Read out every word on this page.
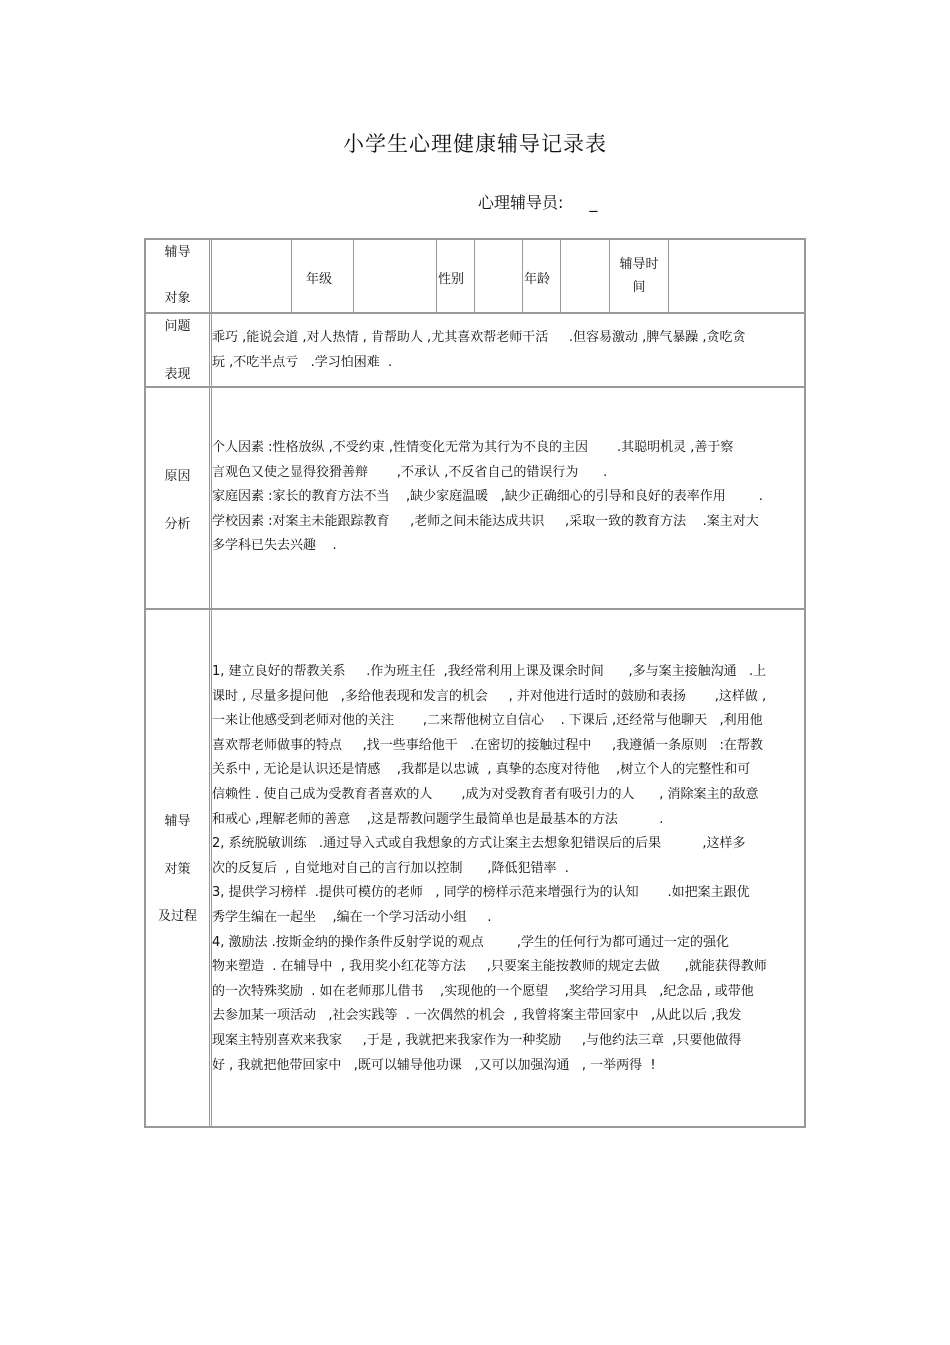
小学生心理健康辅导记录表
心理辅导员: _
辅导
对象
年级	性别	年龄
辅导时
间
问题
表现

乖巧 ,能说会道 ,对人热情 , 肯帮助人 ,尤其喜欢帮老师干活     .但容易激动 ,脾气暴躁 ,贪吃贪
玩 ,不吃半点亏   .学习怕困难  .

原因
分析

个人因素 :性格放纵 ,不受约束 ,性情变化无常为其行为不良的主因       .其聪明机灵 ,善于察
言观色又使之显得狡猾善辩       ,不承认 ,不反省自己的错误行为      .
家庭因素 :家长的教育方法不当    ,缺少家庭温暖   ,缺少正确细心的引导和良好的表率作用        .
学校因素 :对案主未能跟踪教育     ,老师之间未能达成共识     ,采取一致的教育方法    .案主对大
多学科已失去兴趣    .

辅导
对策
及过程

1, 建立良好的帮教关系     .作为班主任  ,我经常利用上课及课余时间      ,多与案主接触沟通   .上
课时 , 尽量多提问他   ,多给他表现和发言的机会     , 并对他进行适时的鼓励和表扬       ,这样做 ,
一来让他感受到老师对他的关注       ,二来帮他树立自信心    . 下课后 ,还经常与他聊天   ,利用他
喜欢帮老师做事的特点     ,找一些事给他干   .在密切的接触过程中     ,我遵循一条原则   :在帮教
关系中 , 无论是认识还是情感    ,我都是以忠诚  , 真挚的态度对待他    ,树立个人的完整性和可
信赖性 . 使自己成为受教育者喜欢的人       ,成为对受教育者有吸引力的人      , 消除案主的敌意
和戒心 ,理解老师的善意    ,这是帮教问题学生最简单也是最基本的方法          .
2, 系统脱敏训练   .通过导入式或自我想象的方式让案主去想象犯错误后的后果          ,这样多
次的反复后  , 自觉地对自己的言行加以控制      ,降低犯错率  .
3, 提供学习榜样  .提供可模仿的老师   , 同学的榜样示范来增强行为的认知       .如把案主跟优
秀学生编在一起坐    ,编在一个学习活动小组     .
4, 激励法 .按斯金纳的操作条件反射学说的观点        ,学生的任何行为都可通过一定的强化
物来塑造  . 在辅导中  , 我用奖小红花等方法     ,只要案主能按教师的规定去做      ,就能获得教师
的一次特殊奖励  . 如在老师那儿借书    ,实现他的一个愿望    ,奖给学习用具   ,纪念品 , 或带他
去参加某一项活动   ,社会实践等  . 一次偶然的机会  , 我曾将案主带回家中   ,从此以后 ,我发
现案主特别喜欢来我家     ,于是 , 我就把来我家作为一种奖励     ,与他约法三章  ,只要他做得
好 , 我就把他带回家中   ,既可以辅导他功课   ,又可以加强沟通   , 一举两得  !
